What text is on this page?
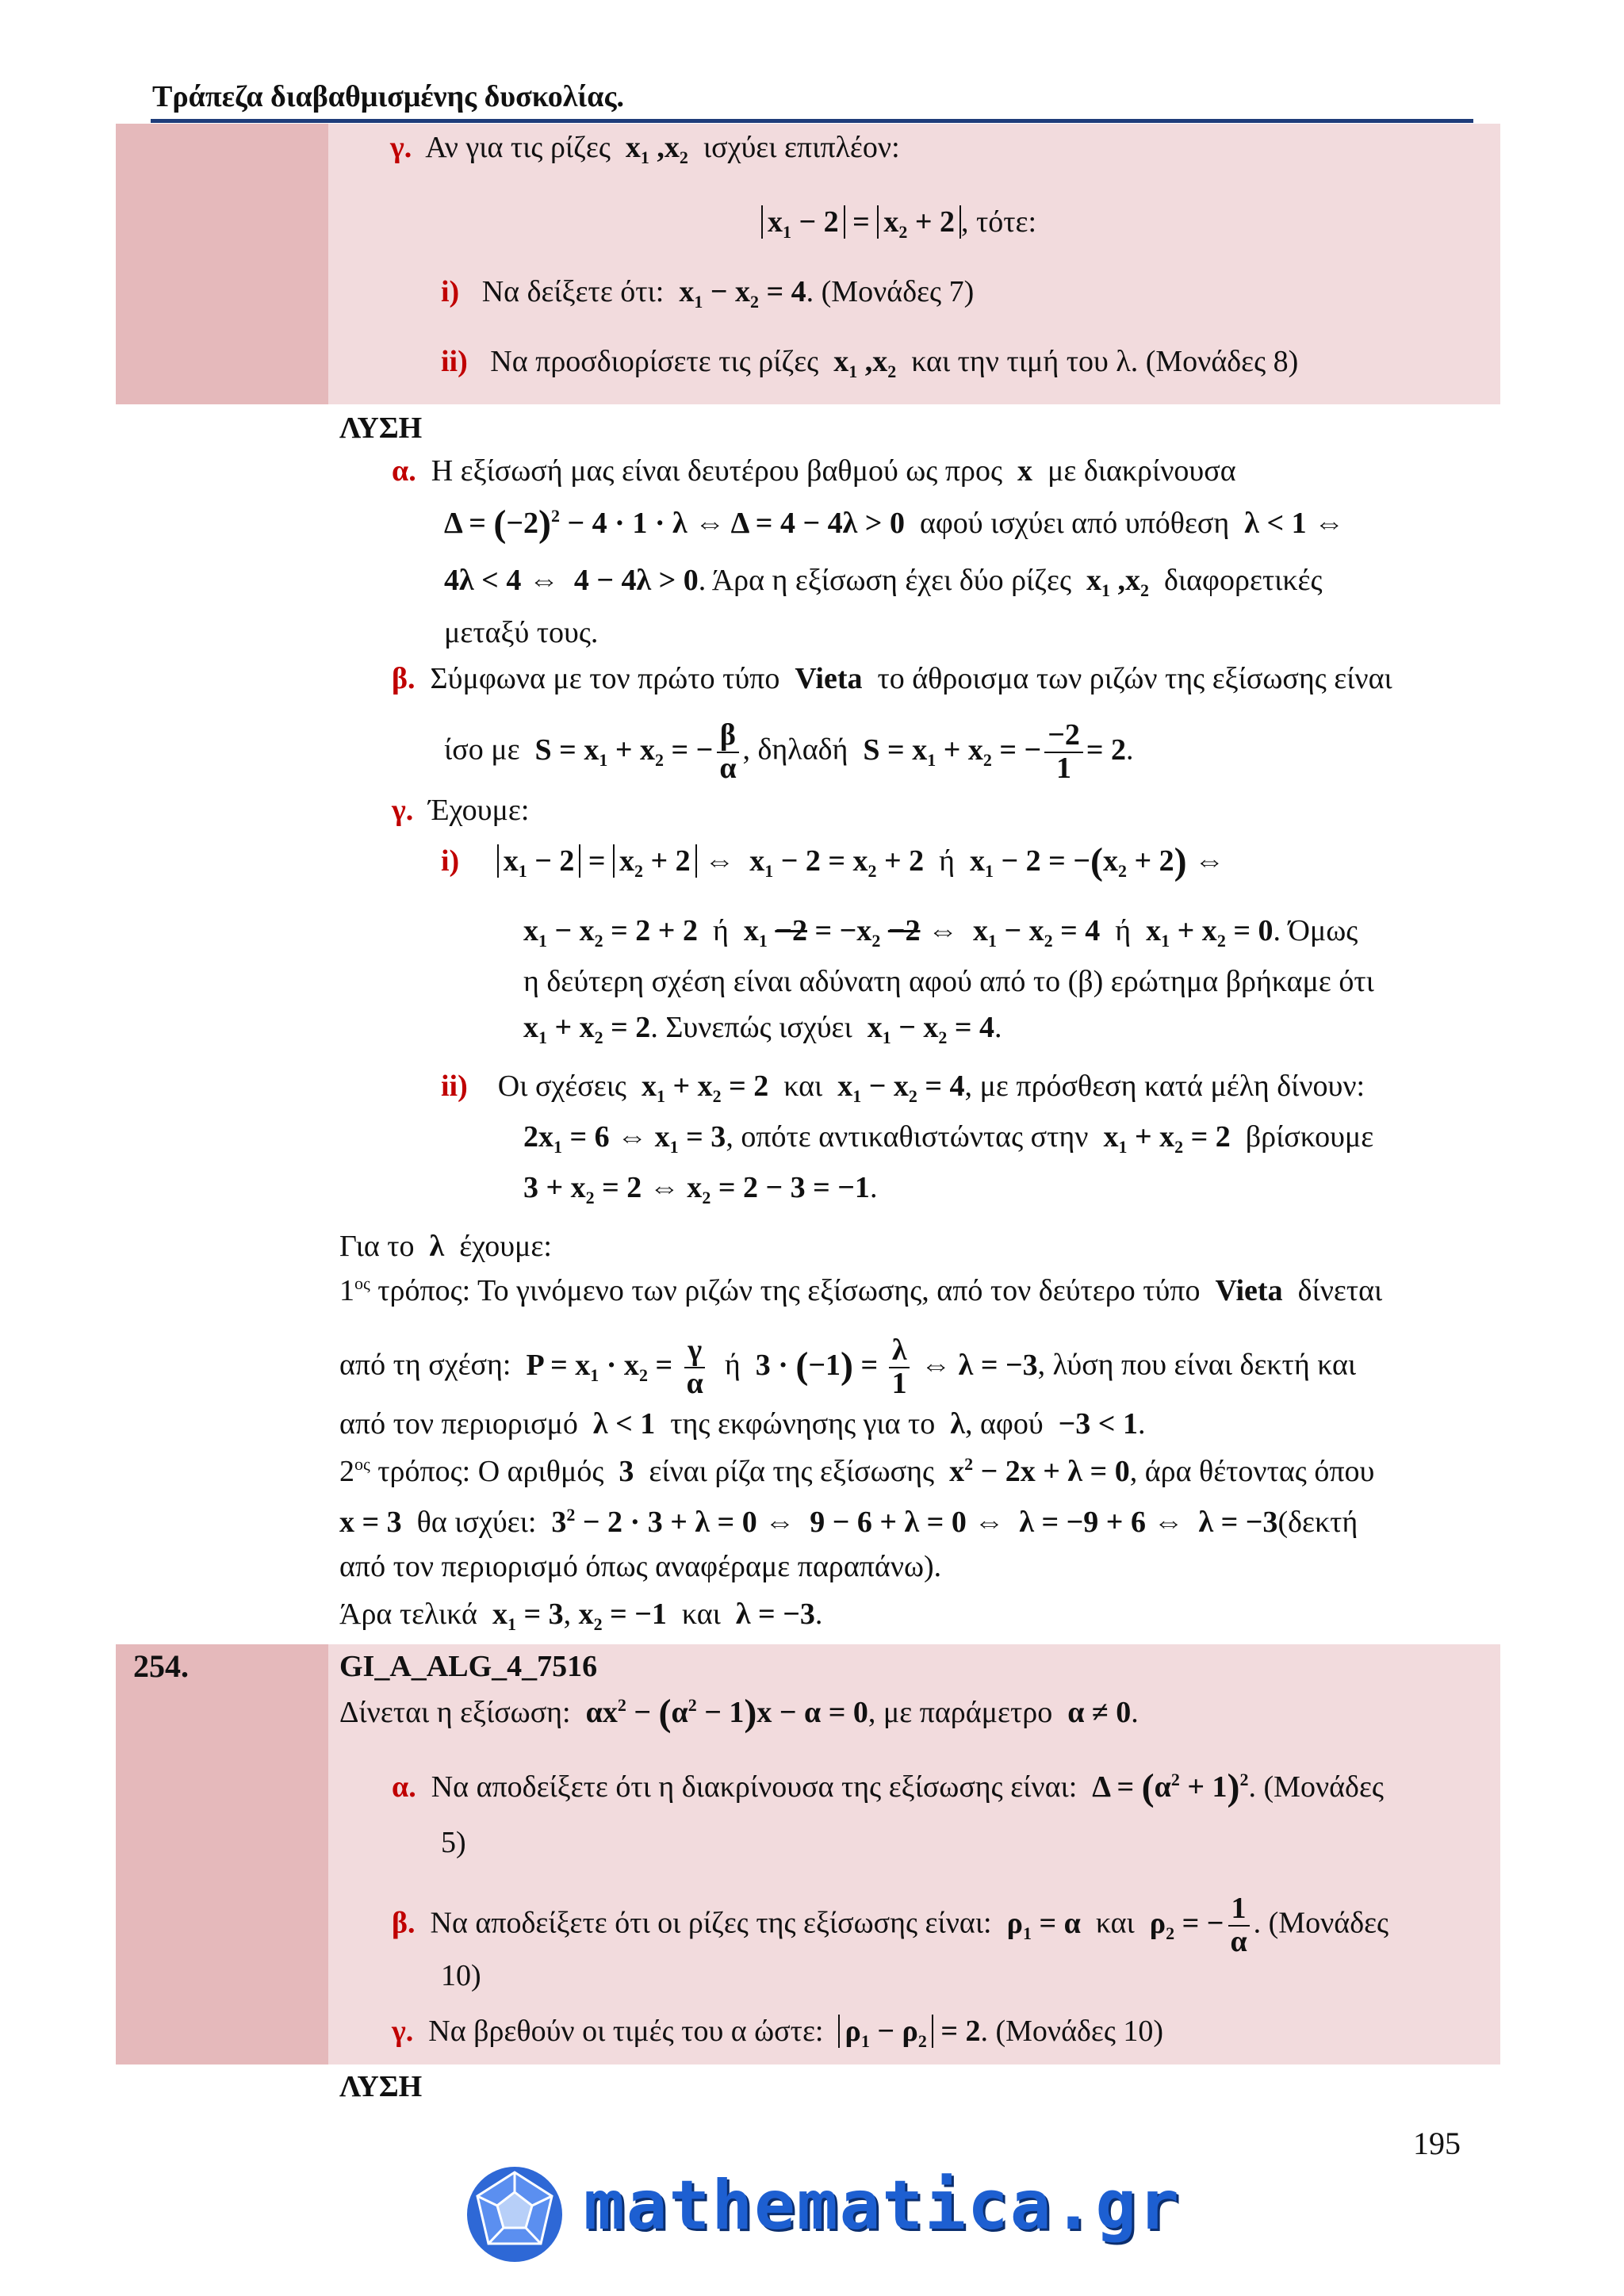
Τράπεζα διαβαθμισμένης δυσκολίας.
γ. Αν για τις ρίζες  $x_1$ $,x_2$ ισχύει επιπλέον:
$x_1 - 2 = x_2 + 2$ , τότε:
i) Να δείξετε ότι:  $x_1 - x_2 = 4$. (Μονάδες 7)
ii) Να προσδιορίσετε τις ρίζες  $x_1$ $,x_2$ και την τιμή του λ. (Μονάδες 8)
ΛΥΣΗ
α. Η εξίσωσή μας είναι δευτέρου βαθμού ως προς  x  με διακρίνουσα
$\Delta = (-2)^2 - 4 \cdot 1 \cdot \lambda$ ⇔ Δ = 4 − 4λ > 0 αφού ισχύει από υπόθεση  λ < 1 ⇔
4λ < 4 ⇔  4 − 4λ > 0. Άρα η εξίσωση έχει δύο ρίζες  $x_1$ $,x_2$ διαφορετικές
μεταξύ τους.
β. Σύμφωνα με τον πρώτο τύπο Vieta το άθροισμα των ριζών της εξίσωσης είναι
ίσο με  $S = x_1 + x_2$ = − $\frac{\beta}{\alpha}$ , δηλαδή  $S = x_1 + x_2$ = − $\frac{-2}{1} = 2$.
γ. Έχουμε:
i) $x_1 - 2 = x_2 + 2$ ⇔  $x_1 - 2 = x_2 + 2$ ή $x_1 - 2 = -(x_2 + 2)$ ⇔
$x_1 - x_2 = 2 + 2$ ή $x_1 -2 = -x_2 -2$ ⇔  $x_1 - x_2 = 4$ ή $x_1 + x_2 = 0$. Όμως
η δεύτερη σχέση είναι αδύνατη αφού από το (β) ερώτημα βρήκαμε ότι
$x_1 + x_2 = 2$. Συνεπώς ισχύει  $x_1 - x_2 = 4$.
ii) Οι σχέσεις  $x_1 + x_2 = 2$  και  $x_1 - x_2 = 4$, με πρόσθεση κατά μέλη δίνουν:
$2x_1 = 6$ ⇔ $x_1 = 3$, οπότε αντικαθιστώντας στην  $x_1 + x_2 = 2$  βρίσκουμε
$3 + x_2 = 2$ ⇔ $x_2 = 2 - 3 = -1$.
Για το  λ  έχουμε:
$1^{o\varsigma}$ τρόπος: Το γινόμενο των ριζών της εξίσωσης, από τον δεύτερο τύπο Vieta δίνεται
από τη σχέση:  $P = x_1 \cdot x_2 = \frac{\gamma}{\alpha}$ ή $3 \cdot (-1) = \frac{\lambda}{1}$ ⇔ λ = −3, λύση που είναι δεκτή και
από τον περιορισμό  λ < 1  της εκφώνησης για το  λ, αφού  −3 < 1.
$2^{o\varsigma}$ τρόπος: Ο αριθμός  3  είναι ρίζα της εξίσωσης  $x^2 - 2x + \lambda = 0$, άρα θέτοντας όπου
x = 3  θα ισχύει:  $3^2 - 2 \cdot 3 + \lambda = 0$ ⇔  9 − 6 + λ = 0 ⇔  λ = −9 + 6 ⇔  λ = −3(δεκτή
από τον περιορισμό όπως αναφέραμε παραπάνω).
Άρα τελικά  $x_1 = 3$, $x_2 = -1$ και  λ = −3.
254.	GI_A_ALG_4_7516
Δίνεται η εξίσωση:  $\alpha x^2 - (\alpha^2 - 1)x - \alpha = 0$, με παράμετρο  α ≠ 0.
α. Να αποδείξετε ότι η διακρίνουσα της εξίσωσης είναι:  $\Delta = (\alpha^2 + 1)^2$. (Μονάδες
5)
β. Να αποδείξετε ότι οι ρίζες της εξίσωσης είναι:  $\rho_1 = \alpha$  και  $\rho_2$ = − $\frac{1}{\alpha}$ . (Μονάδες
10)
γ. Να βρεθούν οι τιμές του α ώστε: $\rho_1 - \rho_2 = 2$. (Μονάδες 10)
ΛΥΣΗ
195
mathematica.gr
